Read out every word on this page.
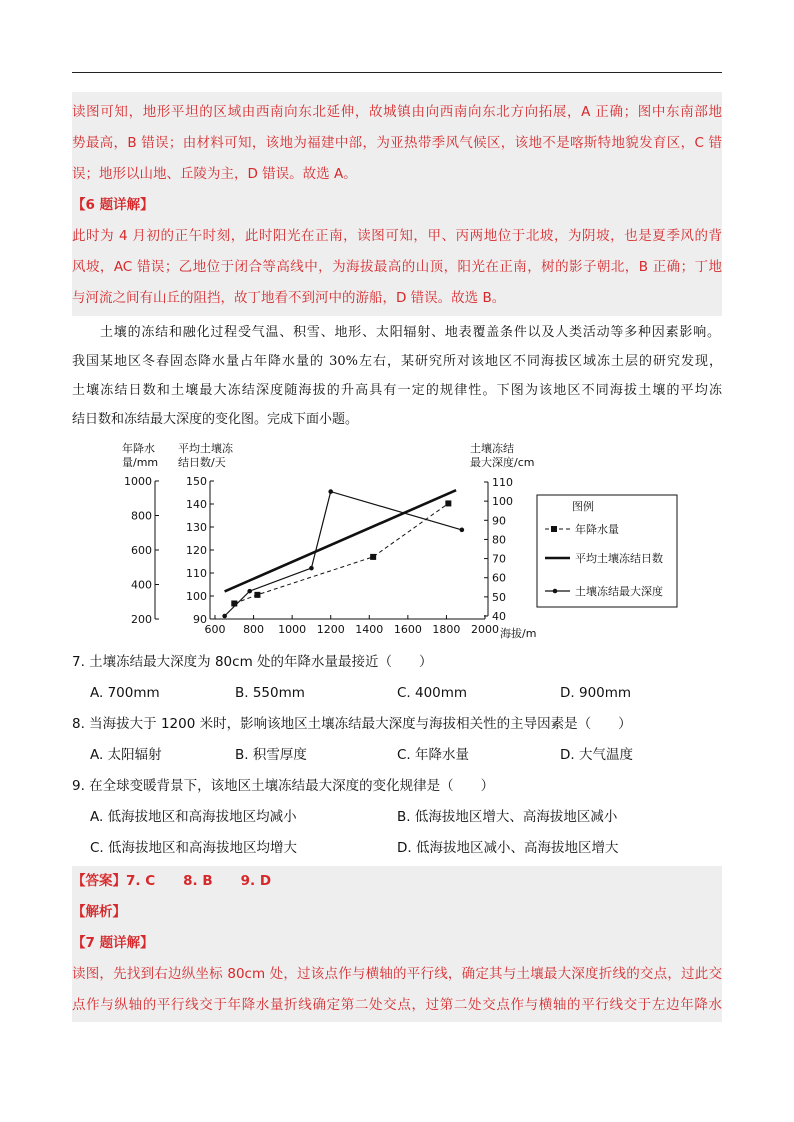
读图可知，地形平坦的区域由西南向东北延伸，故城镇由向西南向东北方向拓展，A 正确；图中东南部地
势最高，B 错误；由材料可知，该地为福建中部，为亚热带季风气候区，该地不是喀斯特地貌发育区，C 错
误；地形以山地、丘陵为主，D 错误。故选 A。
【6 题详解】
此时为 4 月初的正午时刻，此时阳光在正南，读图可知，甲、丙两地位于北坡，为阴坡，也是夏季风的背
风坡，AC 错误；乙地位于闭合等高线中，为海拔最高的山顶，阳光在正南，树的影子朝北，B 正确；丁地
与河流之间有山丘的阻挡，故丁地看不到河中的游船，D 错误。故选 B。
土壤的冻结和融化过程受气温、积雪、地形、太阳辐射、地表覆盖条件以及人类活动等多种因素影响。
我国某地区冬春固态降水量占年降水量的 30%左右，某研究所对该地区不同海拔区域冻土层的研究发现，
土壤冻结日数和土壤最大冻结深度随海拔的升高具有一定的规律性。下图为该地区不同海拔土壤的平均冻
结日数和冻结最大深度的变化图。完成下面小题。
年降水
量/mm
平均土壤冻
结日数/天
土壤冻结
最大深度/cm
1000
800
600
400
200
150
140
130
120
110
100
90
110
100
90
80
70
60
50
40
600 800 1000 1200 1400 1600 1800 2000 海拔/m
图例
年降水量
平均土壤冻结日数
土壤冻结最大深度
7. 土壤冻结最大深度为 80cm 处的年降水量最接近（　　）
A. 700mm	B. 550mm	C. 400mm	D. 900mm
8. 当海拔大于 1200 米时，影响该地区土壤冻结最大深度与海拔相关性的主导因素是（　　）
A. 太阳辐射	B. 积雪厚度	C. 年降水量	D. 大气温度
9. 在全球变暖背景下，该地区土壤冻结最大深度的变化规律是（　　）
A. 低海拔地区和高海拔地区均减小	B. 低海拔地区增大、高海拔地区减小
C. 低海拔地区和高海拔地区均增大	D. 低海拔地区减小、高海拔地区增大
【答案】7. C 8. B 9. D
【解析】
【7 题详解】
读图，先找到右边纵坐标 80cm 处，过该点作与横轴的平行线，确定其与土壤最大深度折线的交点，过此交
点作与纵轴的平行线交于年降水量折线确定第二处交点，过第二处交点作与横轴的平行线交于左边年降水
